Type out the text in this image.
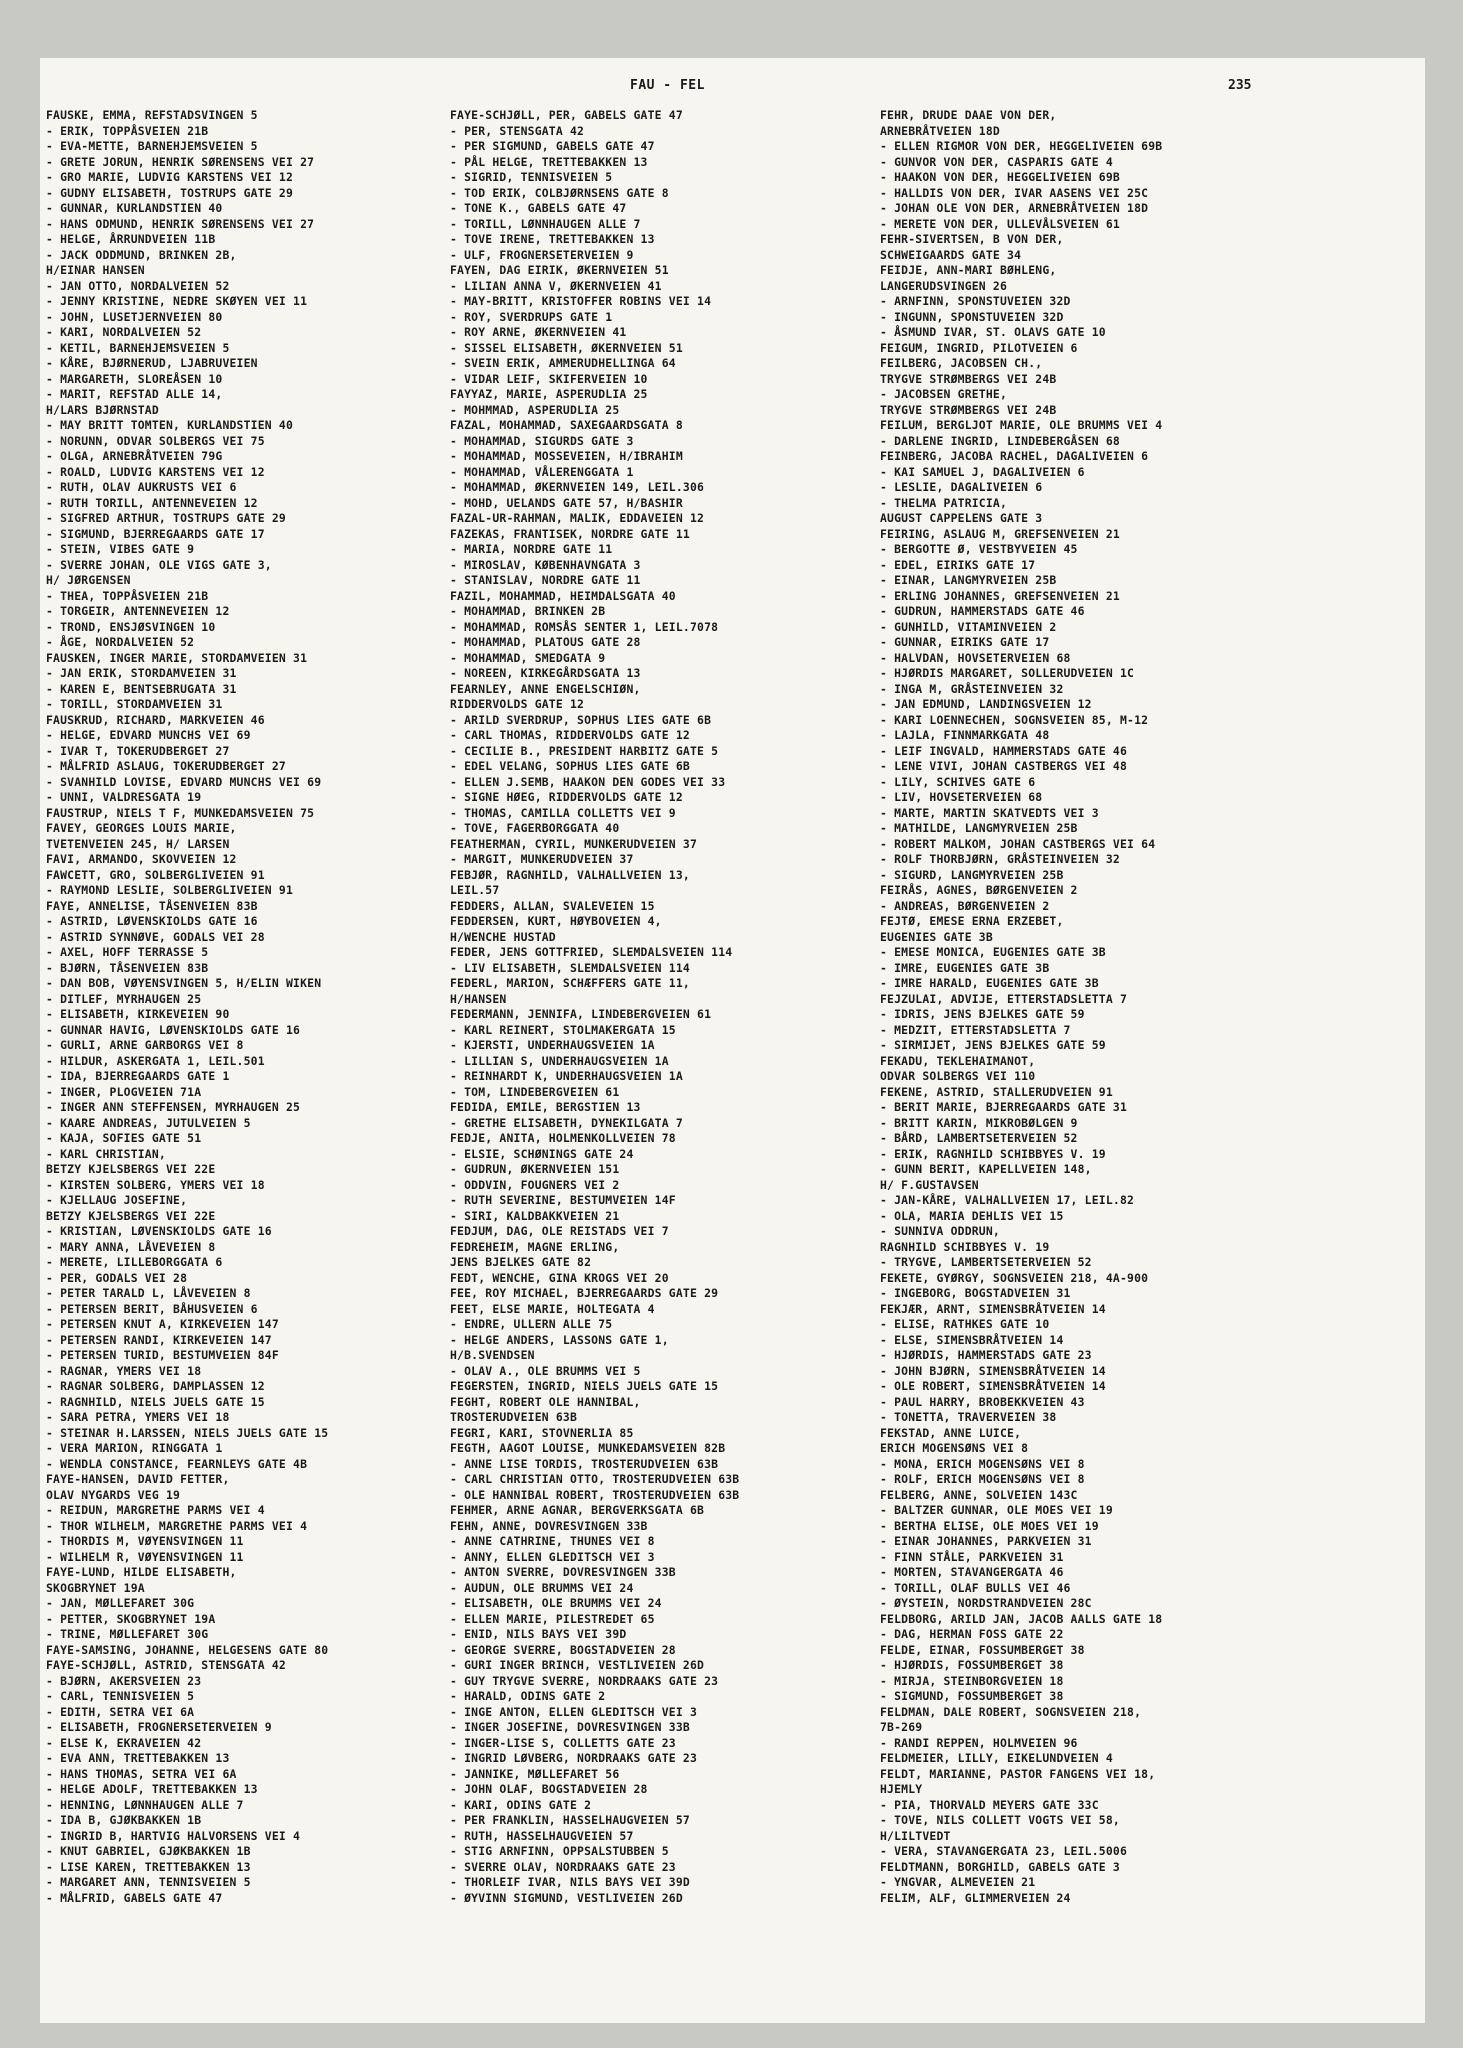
FAU - FEL	235
FAUSKE, EMMA, REFSTADSVINGEN 5
- ERIK, TOPPÅSVEIEN 21B
- EVA-METTE, BARNEHJEMSVEIEN 5
- GRETE JORUN, HENRIK SØRENSENS VEI 27
- GRO MARIE, LUDVIG KARSTENS VEI 12
- GUDNY ELISABETH, TOSTRUPS GATE 29
- GUNNAR, KURLANDSTIEN 40
- HANS ODMUND, HENRIK SØRENSENS VEI 27
- HELGE, ÅRRUNDVEIEN 11B
- JACK ODDMUND, BRINKEN 2B,
H/EINAR HANSEN
- JAN OTTO, NORDALVEIEN 52
- JENNY KRISTINE, NEDRE SKØYEN VEI 11
- JOHN, LUSETJERNVEIEN 80
- KARI, NORDALVEIEN 52
- KETIL, BARNEHJEMSVEIEN 5
- KÅRE, BJØRNERUD, LJABRUVEIEN
- MARGARETH, SLOREÅSEN 10
- MARIT, REFSTAD ALLE 14,
H/LARS BJØRNSTAD
- MAY BRITT TOMTEN, KURLANDSTIEN 40
- NORUNN, ODVAR SOLBERGS VEI 75
- OLGA, ARNEBRÅTVEIEN 79G
- ROALD, LUDVIG KARSTENS VEI 12
- RUTH, OLAV AUKRUSTS VEI 6
- RUTH TORILL, ANTENNEVEIEN 12
- SIGFRED ARTHUR, TOSTRUPS GATE 29
- SIGMUND, BJERREGAARDS GATE 17
- STEIN, VIBES GATE 9
- SVERRE JOHAN, OLE VIGS GATE 3,
H/ JØRGENSEN
- THEA, TOPPÅSVEIEN 21B
- TORGEIR, ANTENNEVEIEN 12
- TROND, ENSJØSVINGEN 10
- ÅGE, NORDALVEIEN 52
FAUSKEN, INGER MARIE, STORDAMVEIEN 31
- JAN ERIK, STORDAMVEIEN 31
- KAREN E, BENTSEBRUGATA 31
- TORILL, STORDAMVEIEN 31
FAUSKRUD, RICHARD, MARKVEIEN 46
- HELGE, EDVARD MUNCHS VEI 69
- IVAR T, TOKERUDBERGET 27
- MÅLFRID ASLAUG, TOKERUDBERGET 27
- SVANHILD LOVISE, EDVARD MUNCHS VEI 69
- UNNI, VALDRESGATA 19
FAUSTRUP, NIELS T F, MUNKEDAMSVEIEN 75
FAVEY, GEORGES LOUIS MARIE,
TVETENVEIEN 245, H/ LARSEN
FAVI, ARMANDO, SKOVVEIEN 12
FAWCETT, GRO, SOLBERGLIVEIEN 91
- RAYMOND LESLIE, SOLBERGLIVEIEN 91
FAYE, ANNELISE, TÅSENVEIEN 83B
- ASTRID, LØVENSKIOLDS GATE 16
- ASTRID SYNNØVE, GODALS VEI 28
- AXEL, HOFF TERRASSE 5
- BJØRN, TÅSENVEIEN 83B
- DAN BOB, VØYENSVINGEN 5, H/ELIN WIKEN
- DITLEF, MYRHAUGEN 25
- ELISABETH, KIRKEVEIEN 90
- GUNNAR HAVIG, LØVENSKIOLDS GATE 16
- GURLI, ARNE GARBORGS VEI 8
- HILDUR, ASKERGATA 1, LEIL.501
- IDA, BJERREGAARDS GATE 1
- INGER, PLOGVEIEN 71A
- INGER ANN STEFFENSEN, MYRHAUGEN 25
- KAARE ANDREAS, JUTULVEIEN 5
- KAJA, SOFIES GATE 51
- KARL CHRISTIAN,
BETZY KJELSBERGS VEI 22E
- KIRSTEN SOLBERG, YMERS VEI 18
- KJELLAUG JOSEFINE,
BETZY KJELSBERGS VEI 22E
- KRISTIAN, LØVENSKIOLDS GATE 16
- MARY ANNA, LÅVEVEIEN 8
- MERETE, LILLEBORGGATA 6
- PER, GODALS VEI 28
- PETER TARALD L, LÅVEVEIEN 8
- PETERSEN BERIT, BÅHUSVEIEN 6
- PETERSEN KNUT A, KIRKEVEIEN 147
- PETERSEN RANDI, KIRKEVEIEN 147
- PETERSEN TURID, BESTUMVEIEN 84F
- RAGNAR, YMERS VEI 18
- RAGNAR SOLBERG, DAMPLASSEN 12
- RAGNHILD, NIELS JUELS GATE 15
- SARA PETRA, YMERS VEI 18
- STEINAR H.LARSSEN, NIELS JUELS GATE 15
- VERA MARION, RINGGATA 1
- WENDLA CONSTANCE, FEARNLEYS GATE 4B
FAYE-HANSEN, DAVID FETTER,
OLAV NYGARDS VEG 19
- REIDUN, MARGRETHE PARMS VEI 4
- THOR WILHELM, MARGRETHE PARMS VEI 4
- THORDIS M, VØYENSVINGEN 11
- WILHELM R, VØYENSVINGEN 11
FAYE-LUND, HILDE ELISABETH,
SKOGBRYNET 19A
- JAN, MØLLEFARET 30G
- PETTER, SKOGBRYNET 19A
- TRINE, MØLLEFARET 30G
FAYE-SAMSING, JOHANNE, HELGESENS GATE 80
FAYE-SCHJØLL, ASTRID, STENSGATA 42
- BJØRN, AKERSVEIEN 23
- CARL, TENNISVEIEN 5
- EDITH, SETRA VEI 6A
- ELISABETH, FROGNERSETERVEIEN 9
- ELSE K, EKRAVEIEN 42
- EVA ANN, TRETTEBAKKEN 13
- HANS THOMAS, SETRA VEI 6A
- HELGE ADOLF, TRETTEBAKKEN 13
- HENNING, LØNNHAUGEN ALLE 7
- IDA B, GJØKBAKKEN 1B
- INGRID B, HARTVIG HALVORSENS VEI 4
- KNUT GABRIEL, GJØKBAKKEN 1B
- LISE KAREN, TRETTEBAKKEN 13
- MARGARET ANN, TENNISVEIEN 5
- MÅLFRID, GABELS GATE 47
FAYE-SCHJØLL, PER, GABELS GATE 47
- PER, STENSGATA 42
- PER SIGMUND, GABELS GATE 47
- PÅL HELGE, TRETTEBAKKEN 13
- SIGRID, TENNISVEIEN 5
- TOD ERIK, COLBJØRNSENS GATE 8
- TONE K., GABELS GATE 47
- TORILL, LØNNHAUGEN ALLE 7
- TOVE IRENE, TRETTEBAKKEN 13
- ULF, FROGNERSETERVEIEN 9
FAYEN, DAG EIRIK, ØKERNVEIEN 51
- LILIAN ANNA V, ØKERNVEIEN 41
- MAY-BRITT, KRISTOFFER ROBINS VEI 14
- ROY, SVERDRUPS GATE 1
- ROY ARNE, ØKERNVEIEN 41
- SISSEL ELISABETH, ØKERNVEIEN 51
- SVEIN ERIK, AMMERUDHELLINGA 64
- VIDAR LEIF, SKIFERVEIEN 10
FAYYAZ, MARIE, ASPERUDLIA 25
- MOHMMAD, ASPERUDLIA 25
FAZAL, MOHAMMAD, SAXEGAARDSGATA 8
- MOHAMMAD, SIGURDS GATE 3
- MOHAMMAD, MOSSEVEIEN, H/IBRAHIM
- MOHAMMAD, VÅLERENGGATA 1
- MOHAMMAD, ØKERNVEIEN 149, LEIL.306
- MOHD, UELANDS GATE 57, H/BASHIR
FAZAL-UR-RAHMAN, MALIK, EDDAVEIEN 12
FAZEKAS, FRANTISEK, NORDRE GATE 11
- MARIA, NORDRE GATE 11
- MIROSLAV, KØBENHAVNGATA 3
- STANISLAV, NORDRE GATE 11
FAZIL, MOHAMMAD, HEIMDALSGATA 40
- MOHAMMAD, BRINKEN 2B
- MOHAMMAD, ROMSÅS SENTER 1, LEIL.7078
- MOHAMMAD, PLATOUS GATE 28
- MOHAMMAD, SMEDGATA 9
- NOREEN, KIRKEGÅRDSGATA 13
FEARNLEY, ANNE ENGELSCHIØN,
RIDDERVOLDS GATE 12
- ARILD SVERDRUP, SOPHUS LIES GATE 6B
- CARL THOMAS, RIDDERVOLDS GATE 12
- CECILIE B., PRESIDENT HARBITZ GATE 5
- EDEL VELANG, SOPHUS LIES GATE 6B
- ELLEN J.SEMB, HAAKON DEN GODES VEI 33
- SIGNE HØEG, RIDDERVOLDS GATE 12
- THOMAS, CAMILLA COLLETTS VEI 9
- TOVE, FAGERBORGGATA 40
FEATHERMAN, CYRIL, MUNKERUDVEIEN 37
- MARGIT, MUNKERUDVEIEN 37
FEBJØR, RAGNHILD, VALHALLVEIEN 13,
LEIL.57
FEDDERS, ALLAN, SVALEVEIEN 15
FEDDERSEN, KURT, HØYBOVEIEN 4,
H/WENCHE HUSTAD
FEDER, JENS GOTTFRIED, SLEMDALSVEIEN 114
- LIV ELISABETH, SLEMDALSVEIEN 114
FEDERL, MARION, SCHÆFFERS GATE 11,
H/HANSEN
FEDERMANN, JENNIFA, LINDEBERGVEIEN 61
- KARL REINERT, STOLMAKERGATA 15
- KJERSTI, UNDERHAUGSVEIEN 1A
- LILLIAN S, UNDERHAUGSVEIEN 1A
- REINHARDT K, UNDERHAUGSVEIEN 1A
- TOM, LINDEBERGVEIEN 61
FEDIDA, EMILE, BERGSTIEN 13
- GRETHE ELISABETH, DYNEKILGATA 7
FEDJE, ANITA, HOLMENKOLLVEIEN 78
- ELSIE, SCHØNINGS GATE 24
- GUDRUN, ØKERNVEIEN 151
- ODDVIN, FOUGNERS VEI 2
- RUTH SEVERINE, BESTUMVEIEN 14F
- SIRI, KALDBAKKVEIEN 21
FEDJUM, DAG, OLE REISTADS VEI 7
FEDREHEIM, MAGNE ERLING,
JENS BJELKES GATE 82
FEDT, WENCHE, GINA KROGS VEI 20
FEE, ROY MICHAEL, BJERREGAARDS GATE 29
FEET, ELSE MARIE, HOLTEGATA 4
- ENDRE, ULLERN ALLE 75
- HELGE ANDERS, LASSONS GATE 1,
H/B.SVENDSEN
- OLAV A., OLE BRUMMS VEI 5
FEGERSTEN, INGRID, NIELS JUELS GATE 15
FEGHT, ROBERT OLE HANNIBAL,
TROSTERUDVEIEN 63B
FEGRI, KARI, STOVNERLIA 85
FEGTH, AAGOT LOUISE, MUNKEDAMSVEIEN 82B
- ANNE LISE TORDIS, TROSTERUDVEIEN 63B
- CARL CHRISTIAN OTTO, TROSTERUDVEIEN 63B
- OLE HANNIBAL ROBERT, TROSTERUDVEIEN 63B
FEHMER, ARNE AGNAR, BERGVERKSGATA 6B
FEHN, ANNE, DOVRESVINGEN 33B
- ANNE CATHRINE, THUNES VEI 8
- ANNY, ELLEN GLEDITSCH VEI 3
- ANTON SVERRE, DOVRESVINGEN 33B
- AUDUN, OLE BRUMMS VEI 24
- ELISABETH, OLE BRUMMS VEI 24
- ELLEN MARIE, PILESTREDET 65
- ENID, NILS BAYS VEI 39D
- GEORGE SVERRE, BOGSTADVEIEN 28
- GURI INGER BRINCH, VESTLIVEIEN 26D
- GUY TRYGVE SVERRE, NORDRAAKS GATE 23
- HARALD, ODINS GATE 2
- INGE ANTON, ELLEN GLEDITSCH VEI 3
- INGER JOSEFINE, DOVRESVINGEN 33B
- INGER-LISE S, COLLETTS GATE 23
- INGRID LØVBERG, NORDRAAKS GATE 23
- JANNIKE, MØLLEFARET 56
- JOHN OLAF, BOGSTADVEIEN 28
- KARI, ODINS GATE 2
- PER FRANKLIN, HASSELHAUGVEIEN 57
- RUTH, HASSELHAUGVEIEN 57
- STIG ARNFINN, OPPSALSTUBBEN 5
- SVERRE OLAV, NORDRAAKS GATE 23
- THORLEIF IVAR, NILS BAYS VEI 39D
- ØYVINN SIGMUND, VESTLIVEIEN 26D
FEHR, DRUDE DAAE VON DER,
ARNEBRÅTVEIEN 18D
- ELLEN RIGMOR VON DER, HEGGELIVEIEN 69B
- GUNVOR VON DER, CASPARIS GATE 4
- HAAKON VON DER, HEGGELIVEIEN 69B
- HALLDIS VON DER, IVAR AASENS VEI 25C
- JOHAN OLE VON DER, ARNEBRÅTVEIEN 18D
- MERETE VON DER, ULLEVÅLSVEIEN 61
FEHR-SIVERTSEN, B VON DER,
SCHWEIGAARDS GATE 34
FEIDJE, ANN-MARI BØHLENG,
LANGERUDSVINGEN 26
- ARNFINN, SPONSTUVEIEN 32D
- INGUNN, SPONSTUVEIEN 32D
- ÅSMUND IVAR, ST. OLAVS GATE 10
FEIGUM, INGRID, PILOTVEIEN 6
FEILBERG, JACOBSEN CH.,
TRYGVE STRØMBERGS VEI 24B
- JACOBSEN GRETHE,
TRYGVE STRØMBERGS VEI 24B
FEILUM, BERGLJOT MARIE, OLE BRUMMS VEI 4
- DARLENE INGRID, LINDEBERGÅSEN 68
FEINBERG, JACOBA RACHEL, DAGALIVEIEN 6
- KAI SAMUEL J, DAGALIVEIEN 6
- LESLIE, DAGALIVEIEN 6
- THELMA PATRICIA,
AUGUST CAPPELENS GATE 3
FEIRING, ASLAUG M, GREFSENVEIEN 21
- BERGOTTE Ø, VESTBYVEIEN 45
- EDEL, EIRIKS GATE 17
- EINAR, LANGMYRVEIEN 25B
- ERLING JOHANNES, GREFSENVEIEN 21
- GUDRUN, HAMMERSTADS GATE 46
- GUNHILD, VITAMINVEIEN 2
- GUNNAR, EIRIKS GATE 17
- HALVDAN, HOVSETERVEIEN 68
- HJØRDIS MARGARET, SOLLERUDVEIEN 1C
- INGA M, GRÅSTEINVEIEN 32
- JAN EDMUND, LANDINGSVEIEN 12
- KARI LOENNECHEN, SOGNSVEIEN 85, M-12
- LAJLA, FINNMARKGATA 48
- LEIF INGVALD, HAMMERSTADS GATE 46
- LENE VIVI, JOHAN CASTBERGS VEI 48
- LILY, SCHIVES GATE 6
- LIV, HOVSETERVEIEN 68
- MARTE, MARTIN SKATVEDTS VEI 3
- MATHILDE, LANGMYRVEIEN 25B
- ROBERT MALKOM, JOHAN CASTBERGS VEI 64
- ROLF THORBJØRN, GRÅSTEINVEIEN 32
- SIGURD, LANGMYRVEIEN 25B
FEIRÅS, AGNES, BØRGENVEIEN 2
- ANDREAS, BØRGENVEIEN 2
FEJTØ, EMESE ERNA ERZEBET,
EUGENIES GATE 3B
- EMESE MONICA, EUGENIES GATE 3B
- IMRE, EUGENIES GATE 3B
- IMRE HARALD, EUGENIES GATE 3B
FEJZULAI, ADVIJE, ETTERSTADSLETTA 7
- IDRIS, JENS BJELKES GATE 59
- MEDZIT, ETTERSTADSLETTA 7
- SIRMIJET, JENS BJELKES GATE 59
FEKADU, TEKLEHAIMANOT,
ODVAR SOLBERGS VEI 110
FEKENE, ASTRID, STALLERUDVEIEN 91
- BERIT MARIE, BJERREGAARDS GATE 31
- BRITT KARIN, MIKROBØLGEN 9
- BÅRD, LAMBERTSETERVEIEN 52
- ERIK, RAGNHILD SCHIBBYES V. 19
- GUNN BERIT, KAPELLVEIEN 148,
H/ F.GUSTAVSEN
- JAN-KÅRE, VALHALLVEIEN 17, LEIL.82
- OLA, MARIA DEHLIS VEI 15
- SUNNIVA ODDRUN,
RAGNHILD SCHIBBYES V. 19
- TRYGVE, LAMBERTSETERVEIEN 52
FEKETE, GYØRGY, SOGNSVEIEN 218, 4A-900
- INGEBORG, BOGSTADVEIEN 31
FEKJÆR, ARNT, SIMENSBRÅTVEIEN 14
- ELISE, RATHKES GATE 10
- ELSE, SIMENSBRÅTVEIEN 14
- HJØRDIS, HAMMERSTADS GATE 23
- JOHN BJØRN, SIMENSBRÅTVEIEN 14
- OLE ROBERT, SIMENSBRÅTVEIEN 14
- PAUL HARRY, BROBEKKVEIEN 43
- TONETTA, TRAVERVEIEN 38
FEKSTAD, ANNE LUICE,
ERICH MOGENSØNS VEI 8
- MONA, ERICH MOGENSØNS VEI 8
- ROLF, ERICH MOGENSØNS VEI 8
FELBERG, ANNE, SOLVEIEN 143C
- BALTZER GUNNAR, OLE MOES VEI 19
- BERTHA ELISE, OLE MOES VEI 19
- EINAR JOHANNES, PARKVEIEN 31
- FINN STÅLE, PARKVEIEN 31
- MORTEN, STAVANGERGATA 46
- TORILL, OLAF BULLS VEI 46
- ØYSTEIN, NORDSTRANDVEIEN 28C
FELDBORG, ARILD JAN, JACOB AALLS GATE 18
- DAG, HERMAN FOSS GATE 22
FELDE, EINAR, FOSSUMBERGET 38
- HJØRDIS, FOSSUMBERGET 38
- MIRJA, STEINBORGVEIEN 18
- SIGMUND, FOSSUMBERGET 38
FELDMAN, DALE ROBERT, SOGNSVEIEN 218,
7B-269
- RANDI REPPEN, HOLMVEIEN 96
FELDMEIER, LILLY, EIKELUNDVEIEN 4
FELDT, MARIANNE, PASTOR FANGENS VEI 18,
HJEMLY
- PIA, THORVALD MEYERS GATE 33C
- TOVE, NILS COLLETT VOGTS VEI 58,
H/LILTVEDT
- VERA, STAVANGERGATA 23, LEIL.5006
FELDTMANN, BORGHILD, GABELS GATE 3
- YNGVAR, ALMEVEIEN 21
FELIM, ALF, GLIMMERVEIEN 24
